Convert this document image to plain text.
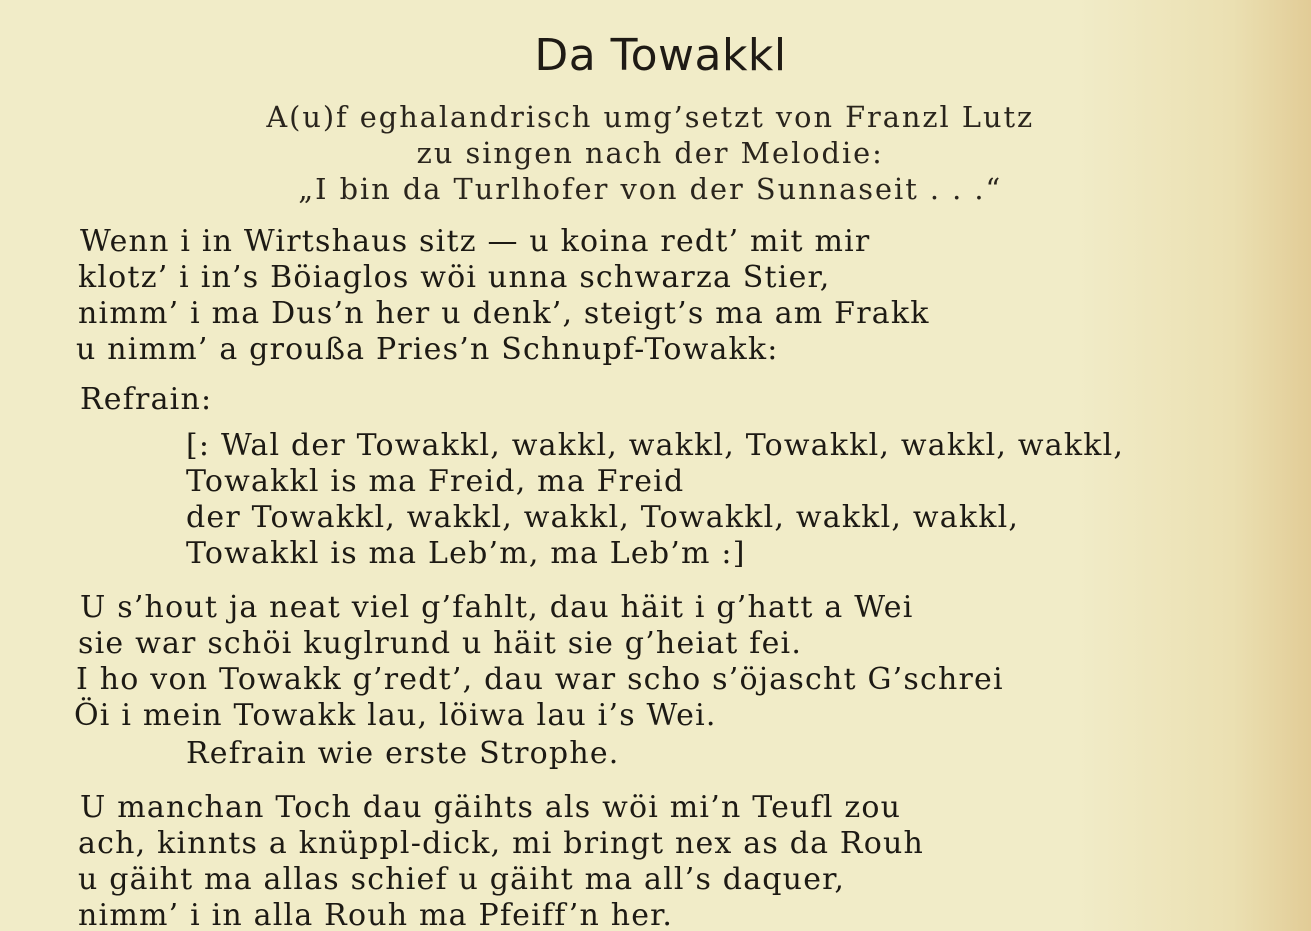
Da Towakkl
A(u)f eghalandrisch umg’setzt von Franzl Lutz
zu singen nach der Melodie:
„I bin da Turlhofer von der Sunnaseit . . .“
Wenn i in Wirtshaus sitz — u koina redt’ mit mir
klotz’ i in’s Böiaglos wöi unna schwarza Stier,
nimm’ i ma Dus’n her u denk’, steigt’s ma am Frakk
u nimm’ a groußa Pries’n Schnupf-Towakk:
Refrain:
[: Wal der Towakkl, wakkl, wakkl, Towakkl, wakkl, wakkl,
Towakkl is ma Freid, ma Freid
der Towakkl, wakkl, wakkl, Towakkl, wakkl, wakkl,
Towakkl is ma Leb’m, ma Leb’m :]
U s’hout ja neat viel g’fahlt, dau häit i g’hatt a Wei
sie war schöi kuglrund u häit sie g’heiat fei.
I ho von Towakk g’redt’, dau war scho s’öjascht G’schrei
Öi i mein Towakk lau, löiwa lau i’s Wei.
Refrain wie erste Strophe.
U manchan Toch dau gäihts als wöi mi’n Teufl zou
ach, kinnts a knüppl-dick, mi bringt nex as da Rouh
u gäiht ma allas schief u gäiht ma all’s daquer,
nimm’ i in alla Rouh ma Pfeiff’n her.
